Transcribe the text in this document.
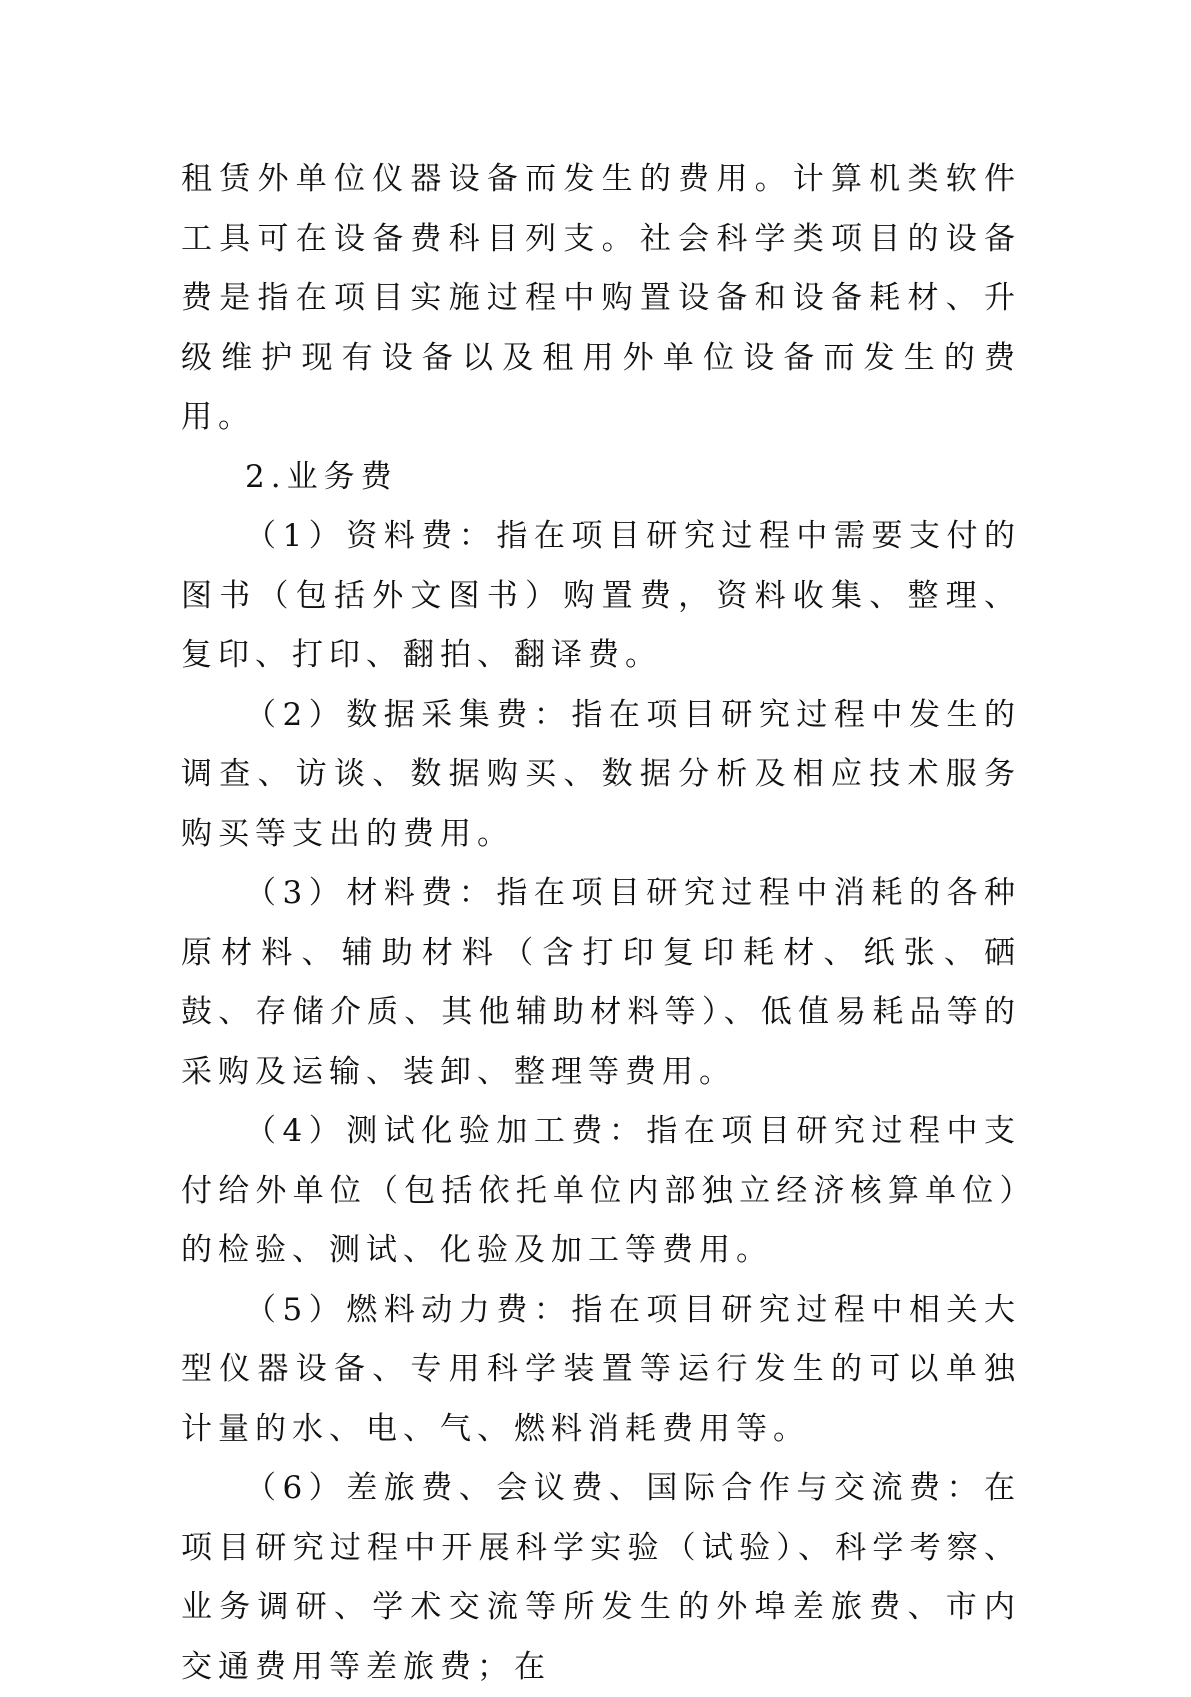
租赁外单位仪器设备而发生的费用。计算机类软件工具可在设备费科目列支。社会科学类项目的设备费是指在项目实施过程中购置设备和设备耗材、升级维护现有设备以及租用外单位设备而发生的费用。

2.业务费

（1）资料费：指在项目研究过程中需要支付的图书（包括外文图书）购置费，资料收集、整理、复印、打印、翻拍、翻译费。

（2）数据采集费：指在项目研究过程中发生的调查、访谈、数据购买、数据分析及相应技术服务购买等支出的费用。

（3）材料费：指在项目研究过程中消耗的各种原材料、辅助材料（含打印复印耗材、纸张、硒鼓、存储介质、其他辅助材料等）、低值易耗品等的采购及运输、装卸、整理等费用。

（4）测试化验加工费：指在项目研究过程中支付给外单位（包括依托单位内部独立经济核算单位）的检验、测试、化验及加工等费用。

（5）燃料动力费：指在项目研究过程中相关大型仪器设备、专用科学装置等运行发生的可以单独计量的水、电、气、燃料消耗费用等。

（6）差旅费、会议费、国际合作与交流费：在项目研究过程中开展科学实验（试验）、科学考察、业务调研、学术交流等所发生的外埠差旅费、市内交通费用等差旅费；在
